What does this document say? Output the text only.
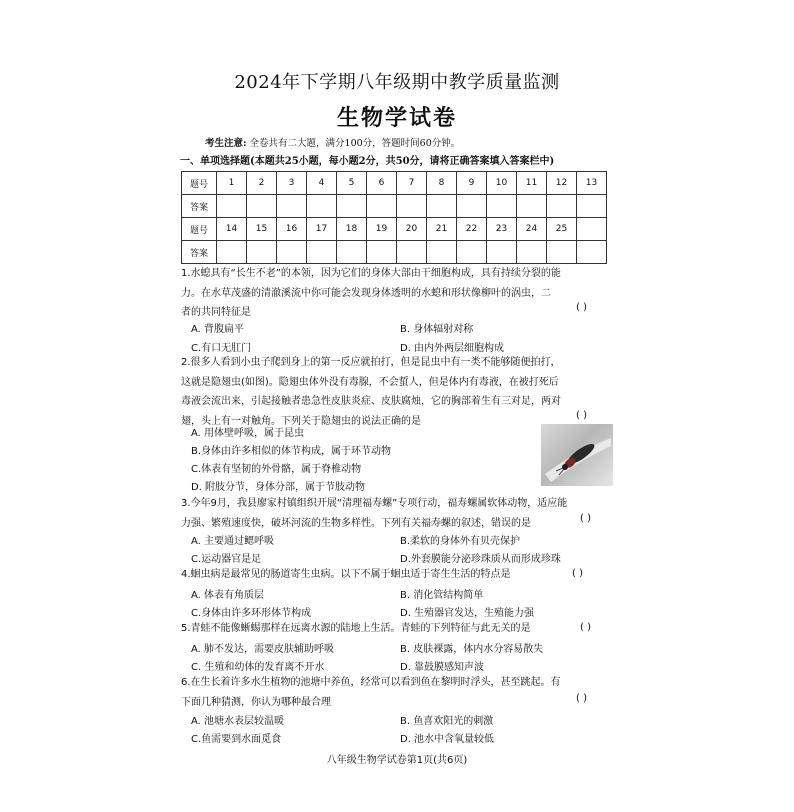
2024年下学期八年级期中教学质量监测
生物学试卷
考生注意: 全卷共有二大题，满分100分，答题时间60分钟。
一、单项选择题(本题共25小题，每小题2分，共50分，请将正确答案填入答案栏中)
题号	1	2	3	4	5	6	7	8	9	10	11	12	13
答案													
题号	14	15	16	17	18	19	20	21	22	23	24	25	
答案													
1.水螅具有“长生不老”的本领，因为它们的身体大部由干细胞构成，具有持续分裂的能
力。在水草茂盛的清澈溪流中你可能会发现身体透明的水螅和形状像柳叶的涡虫，二
者的共同特征是	( )
A. 背腹扁平	B. 身体辐射对称
C.有口无肛门	D. 由内外两层细胞构成
2.很多人看到小虫子爬到身上的第一反应就拍打，但是昆虫中有一类不能够随便拍打，
这就是隐翅虫(如图)。隐翅虫体外没有毒腺，不会蜇人，但是体内有毒液，在被打死后
毒液会流出来，引起接触者患急性皮肤炎症、皮肤腐烛，它的胸部着生有三对足，两对
翅，头上有一对触角。下列关于隐翅虫的说法正确的是	( )
A. 用体壁呼吸，属于昆虫
B.身体由许多相似的体节构成，属于环节动物
C.体表有坚韧的外骨骼，属于脊椎动物
D. 附肢分节，身体分部，属于节肢动物
3.今年9月，我县廖家村镇组织开展“清理福寿螺”专项行动，福寿螺属软体动物，适应能
力强、繁殖速度快，破坏河流的生物多样性。下列有关福寿螺的叙述，错误的是	( )
A. 主要通过鳃呼吸	B.柔软的身体外有贝壳保护
C.运动器官是足	D.外套膜能分泌珍珠质从而形成珍珠
4.蛔虫病是最常见的肠道寄生虫病。以下不属于蛔虫适于寄生生活的特点是	( )
A. 体表有角质层	B. 消化管结构简单
C.身体由许多环形体节构成	D. 生殖器官发达，生殖能力强
5.青蛙不能像蜥蜴那样在远离水源的陆地上生活。青蛙的下列特征与此无关的是	( )
A. 肺不发达，需要皮肤辅助呼吸	B. 皮肤裸露，体内水分容易散失
C. 生殖和幼体的发育离不开水	D. 靠鼓膜感知声波
6.在生长着许多水生植物的池塘中养鱼，经常可以看到鱼在黎明时浮头，甚至跳起。有
下面几种猜测，你认为哪种最合理	( )
A. 池塘水表层较温暖	B. 鱼喜欢阳光的刺激
C.鱼需要到水面觅食	D. 池水中含氧量较低
八年级生物学试卷第1页(共6页)
